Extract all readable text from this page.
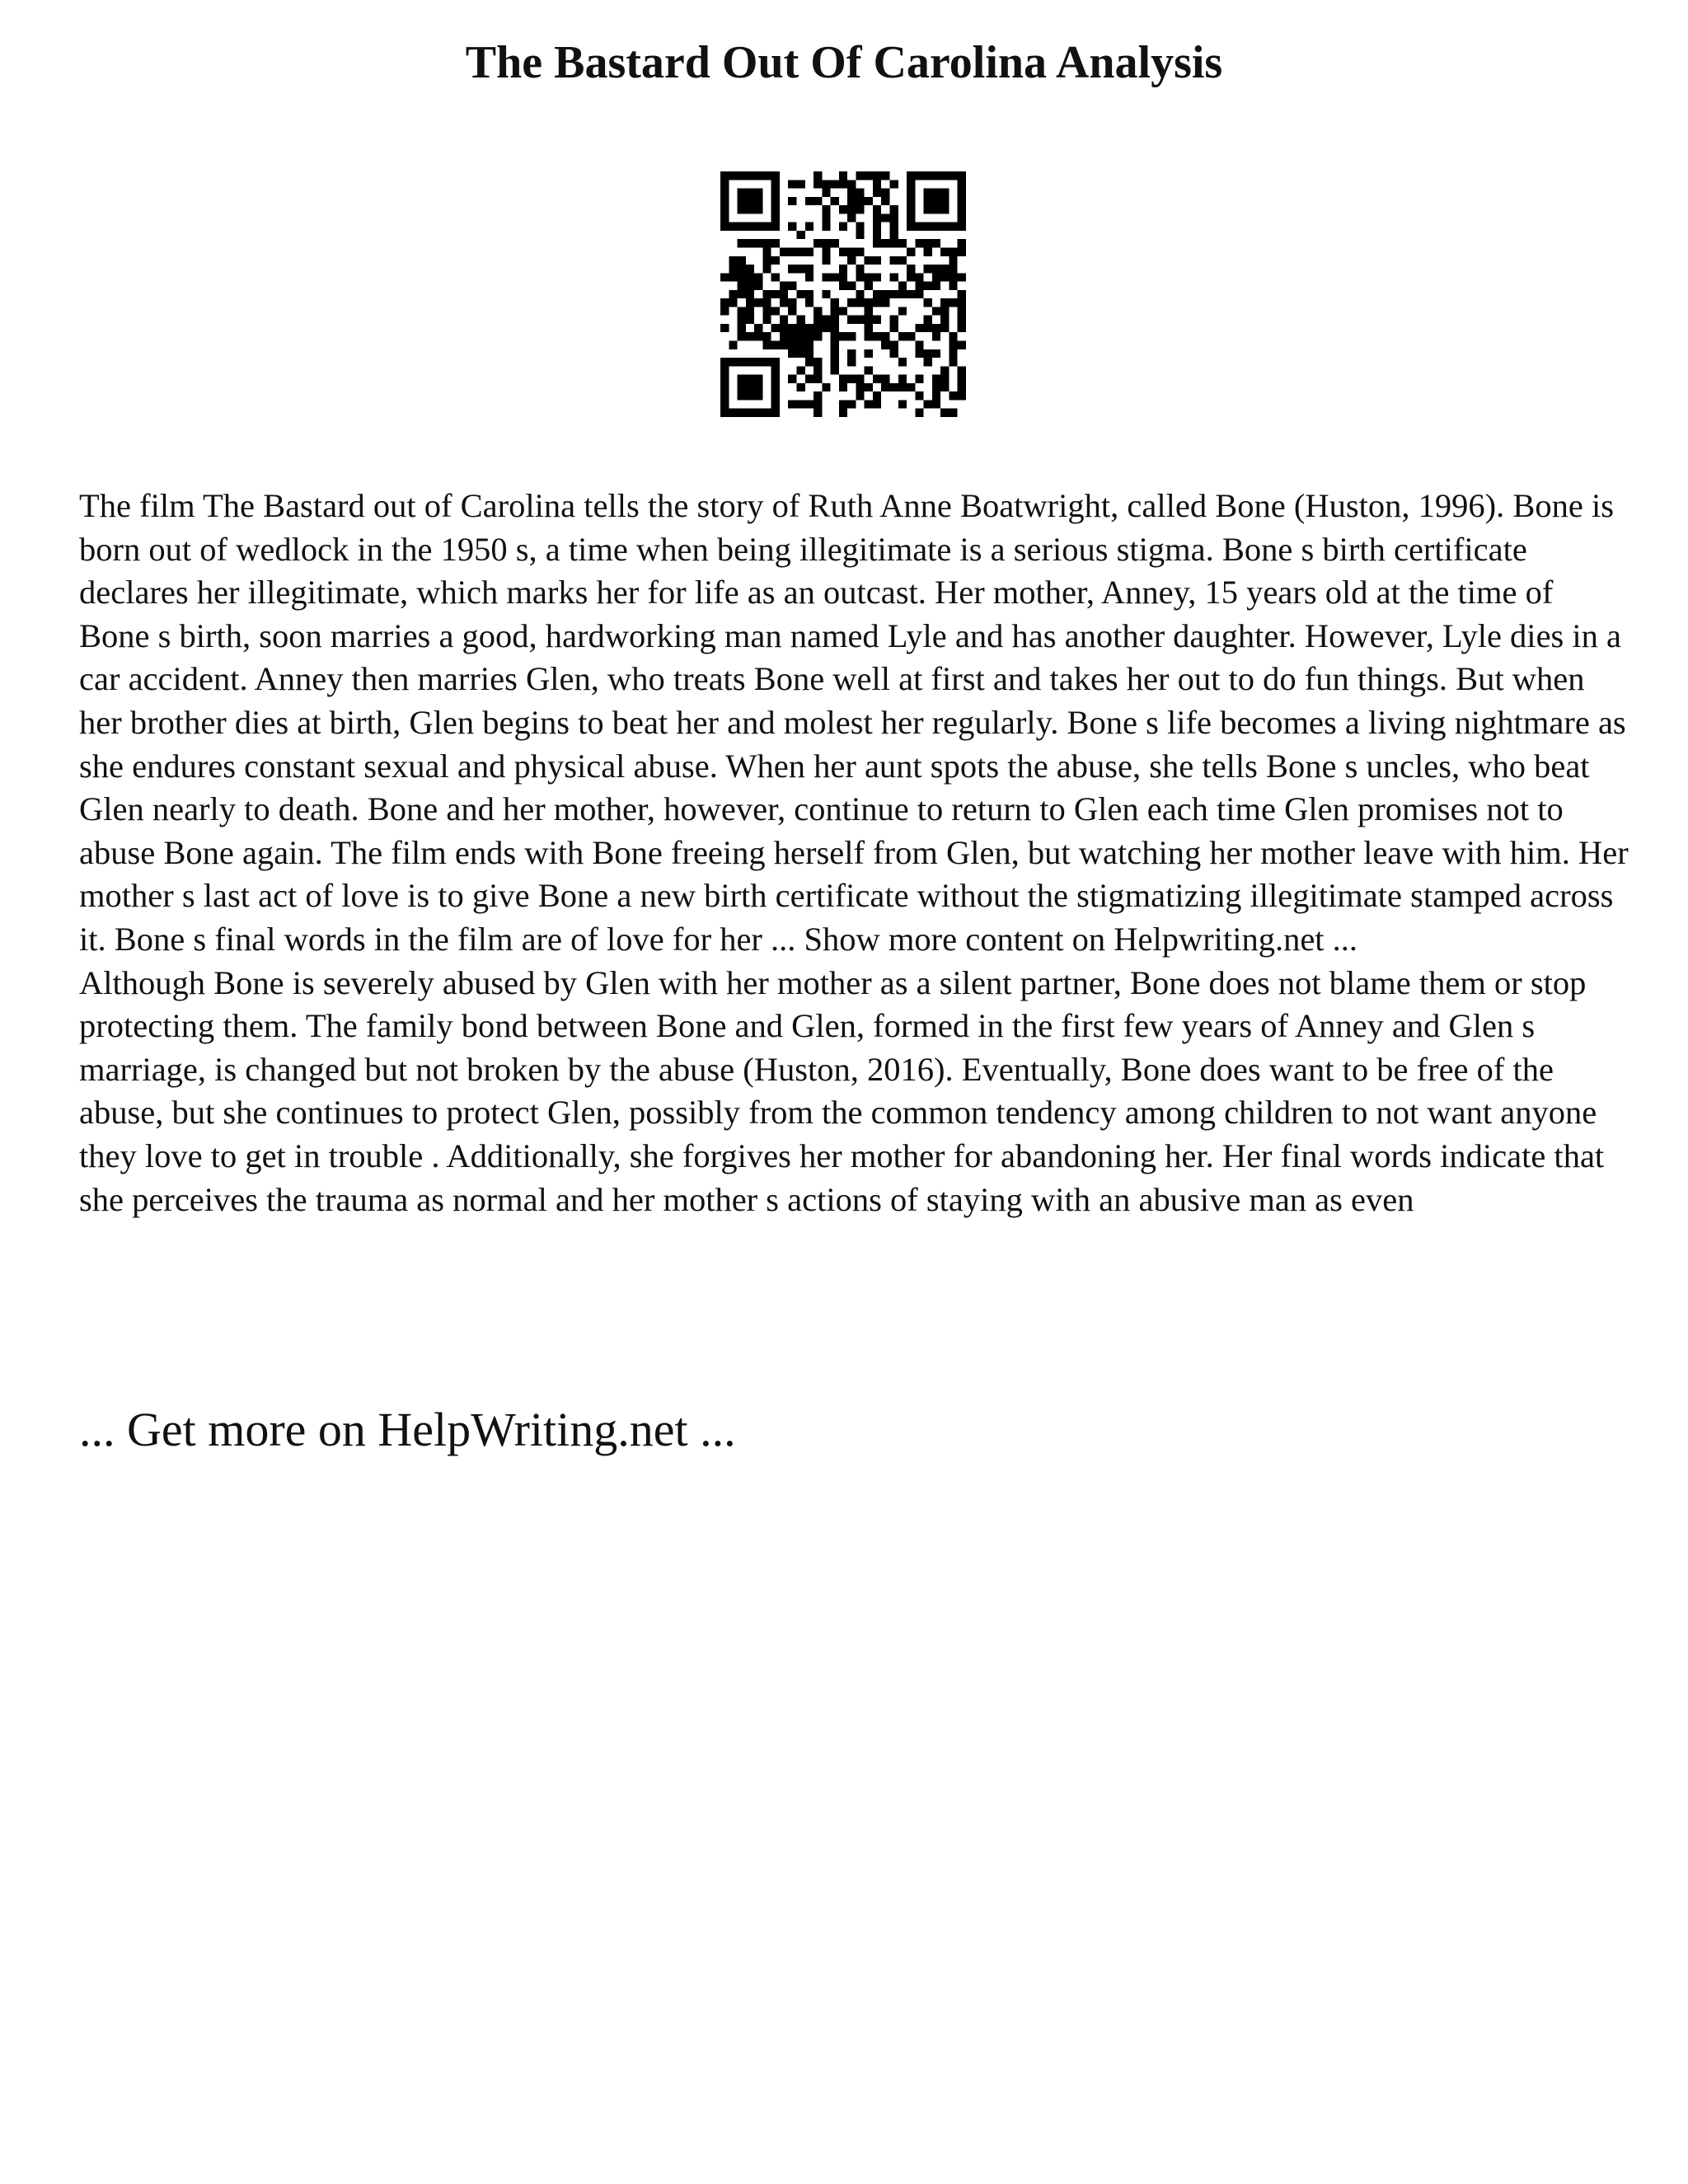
The Bastard Out Of Carolina Analysis

The film The Bastard out of Carolina tells the story of Ruth Anne Boatwright, called Bone (Huston, 1996). Bone is born out of wedlock in the 1950 s, a time when being illegitimate is a serious stigma. Bone s birth certificate declares her illegitimate, which marks her for life as an outcast. Her mother, Anney, 15 years old at the time of Bone s birth, soon marries a good, hardworking man named Lyle and has another daughter. However, Lyle dies in a car accident. Anney then marries Glen, who treats Bone well at first and takes her out to do fun things. But when her brother dies at birth, Glen begins to beat her and molest her regularly. Bone s life becomes a living nightmare as she endures constant sexual and physical abuse. When her aunt spots the abuse, she tells Bone s uncles, who beat Glen nearly to death. Bone and her mother, however, continue to return to Glen each time Glen promises not to abuse Bone again. The film ends with Bone freeing herself from Glen, but watching her mother leave with him. Her mother s last act of love is to give Bone a new birth certificate without the stigmatizing illegitimate stamped across it. Bone s final words in the film are of love for her ... Show more content on Helpwriting.net ...

Although Bone is severely abused by Glen with her mother as a silent partner, Bone does not blame them or stop protecting them. The family bond between Bone and Glen, formed in the first few years of Anney and Glen s marriage, is changed but not broken by the abuse (Huston, 2016). Eventually, Bone does want to be free of the abuse, but she continues to protect Glen, possibly from the common tendency among children to not want anyone they love to get in trouble . Additionally, she forgives her mother for abandoning her. Her final words indicate that she perceives the trauma as normal and her mother s actions of staying with an abusive man as even

... Get more on HelpWriting.net ...
